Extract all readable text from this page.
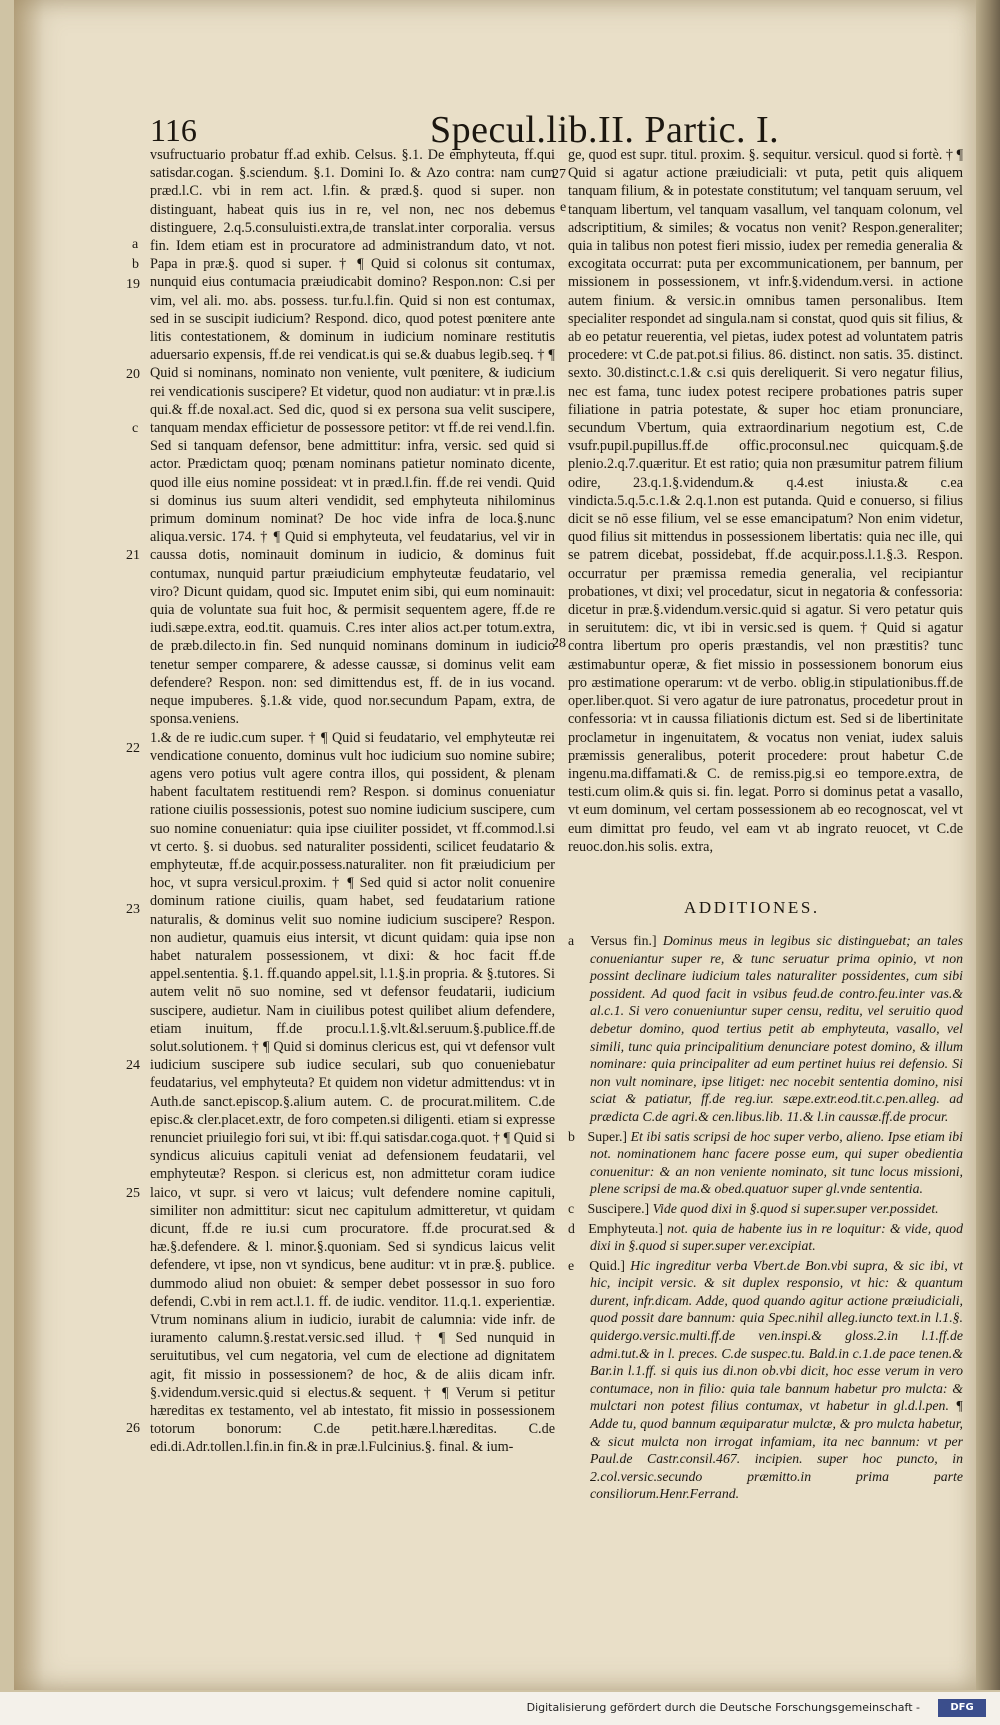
116	Specul.lib.II. Partic. I.
a
b
19
20
c
21
22
23
24
25
26
27
e
28

vsufructuario probatur ff.ad exhib. Celsus. §.1. De emphyteuta, ff.qui satisdar.cogan. §.sciendum. §.1. Domini Io. & Azo contra: nam cum præd.l.C. vbi in rem act. l.fin. & præd.§. quod si super. non distinguant, habeat quis ius in re, vel non, nec nos debemus distinguere, 2.q.5.consuluisti.extra,de translat.inter corporalia. versus fin. Idem etiam est in procuratore ad administrandum dato, vt not. Papa in præ.§. quod si super. † ¶ Quid si colonus sit contumax, nunquid eius contumacia præiudicabit domino? Respon.non: C.si per vim, vel ali. mo. abs. possess. tur.fu.l.fin. Quid si non est contumax, sed in se suscipit iudicium? Respond. dico, quod potest pœnitere ante litis contestationem, & dominum in iudicium nominare restitutis aduersario expensis, ff.de rei vendicat.is qui se.& duabus legib.seq. † ¶ Quid si nominans, nominato non veniente, vult pœnitere, & iudicium rei vendicationis suscipere? Et videtur, quod non audiatur: vt in præ.l.is qui.& ff.de noxal.act. Sed dic, quod si ex persona sua velit suscipere, tanquam mendax efficietur de possessore petitor: vt ff.de rei vend.l.fin. Sed si tanquam defensor, bene admittitur: infra, versic. sed quid si actor. Prædictam quoq; pœnam nominans patietur nominato dicente, quod ille eius nomine possideat: vt in præd.l.fin. ff.de rei vendi. Quid si dominus ius suum alteri vendidit, sed emphyteuta nihilominus primum dominum nominat? De hoc vide infra de loca.§.nunc aliqua.versic. 174. † ¶ Quid si emphyteuta, vel feudatarius, vel vir in caussa dotis, nominauit dominum in iudicio, & dominus fuit contumax, nunquid partur præiudicium emphyteutæ feudatario, vel viro? Dicunt quidam, quod sic. Imputet enim sibi, qui eum nominauit: quia de voluntate sua fuit hoc, & permisit sequentem agere, ff.de re iudi.sæpe.extra, eod.tit. quamuis. C.res inter alios act.per totum.extra, de præb.dilecto.in fin. Sed nunquid nominans dominum in iudicio tenetur semper comparere, & adesse caussæ, si dominus velit eam defendere? Respon. non: sed dimittendus est, ff. de in ius vocand. neque impuberes. §.1.& vide, quod nor.secundum Papam, extra, de sponsa.veniens.

1.& de re iudic.cum super. † ¶ Quid si feudatario, vel emphyteutæ rei vendicatione conuento, dominus vult hoc iudicium suo nomine subire; agens vero potius vult agere contra illos, qui possident, & plenam habent facultatem restituendi rem? Respon. si dominus conueniatur ratione ciuilis possessionis, potest suo nomine iudicium suscipere, cum suo nomine conueniatur: quia ipse ciuiliter possidet, vt ff.commod.l.si vt certo. §. si duobus. sed naturaliter possidenti, scilicet feudatario & emphyteutæ, ff.de acquir.possess.naturaliter. non fit præiudicium per hoc, vt supra versicul.proxim. † ¶ Sed quid si actor nolit conuenire dominum ratione ciuilis, quam habet, sed feudatarium ratione naturalis, & dominus velit suo nomine iudicium suscipere? Respon. non audietur, quamuis eius intersit, vt dicunt quidam: quia ipse non habet naturalem possessionem, vt dixi: & hoc facit ff.de appel.sententia. §.1. ff.quando appel.sit, l.1.§.in propria. & §.tutores. Si autem velit nō suo nomine, sed vt defensor feudatarii, iudicium suscipere, audietur. Nam in ciuilibus potest quilibet alium defendere, etiam inuitum, ff.de procu.l.1.§.vlt.&l.seruum.§.publice.ff.de solut.solutionem. † ¶ Quid si dominus clericus est, qui vt defensor vult iudicium suscipere sub iudice seculari, sub quo conueniebatur feudatarius, vel emphyteuta? Et quidem non videtur admittendus: vt in Auth.de sanct.episcop.§.alium autem. C. de procurat.militem. C.de episc.& cler.placet.extr, de foro competen.si diligenti. etiam si expresse renunciet priuilegio fori sui, vt ibi: ff.qui satisdar.coga.quot. † ¶ Quid si syndicus alicuius capituli veniat ad defensionem feudatarii, vel emphyteutæ? Respon. si clericus est, non admittetur coram iudice laico, vt supr. si vero vt laicus; vult defendere nomine capituli, similiter non admittitur: sicut nec capitulum admitteretur, vt quidam dicunt, ff.de re iu.si cum procuratore. ff.de procurat.sed & hæ.§.defendere. & l. minor.§.quoniam. Sed si syndicus laicus velit defendere, vt ipse, non vt syndicus, bene auditur: vt in præ.§. publice. dummodo aliud non obuiet: & semper debet possessor in suo foro defendi, C.vbi in rem act.l.1. ff. de iudic. venditor. 11.q.1. experientiæ. Vtrum nominans alium in iudicio, iurabit de calumnia: vide infr. de iuramento calumn.§.restat.versic.sed illud. † ¶ Sed nunquid in seruitutibus, vel cum negatoria, vel cum de electione ad dignitatem agit, fit missio in possessionem? de hoc, & de aliis dicam infr. §.videndum.versic.quid si electus.& sequent. † ¶ Verum si petitur hæreditas ex testamento, vel ab intestato, fit missio in possessionem totorum bonorum: C.de petit.hære.l.hæreditas. C.de edi.di.Adr.tollen.l.fin.in fin.& in præ.l.Fulcinius.§. final. & ium-

ge, quod est supr. titul. proxim. §. sequitur. versicul. quod si fortè. † ¶ Quid si agatur actione præiudiciali: vt puta, petit quis aliquem tanquam filium, & in potestate constitutum; vel tanquam seruum, vel tanquam libertum, vel tanquam vasallum, vel tanquam colonum, vel adscriptitium, & similes; & vocatus non venit? Respon.generaliter; quia in talibus non potest fieri missio, iudex per remedia generalia & excogitata occurrat: puta per excommunicationem, per bannum, per missionem in possessionem, vt infr.§.videndum.versi. in actione autem finium. & versic.in omnibus tamen personalibus. Item specialiter respondet ad singula.nam si constat, quod quis sit filius, & ab eo petatur reuerentia, vel pietas, iudex potest ad voluntatem patris procedere: vt C.de pat.pot.si filius. 86. distinct. non satis. 35. distinct. sexto. 30.distinct.c.1.& c.si quis dereliquerit. Si vero negatur filius, nec est fama, tunc iudex potest recipere probationes patris super filiatione in patria potestate, & super hoc etiam pronunciare, secundum Vbertum, quia extraordinarium negotium est, C.de vsufr.pupil.pupillus.ff.de offic.proconsul.nec quicquam.§.de plenio.2.q.7.quæritur. Et est ratio; quia non præsumitur patrem filium odire, 23.q.1.§.videndum.& q.4.est iniusta.& c.ea vindicta.5.q.5.c.1.& 2.q.1.non est putanda. Quid e conuerso, si filius dicit se nō esse filium, vel se esse emancipatum? Non enim videtur, quod filius sit mittendus in possessionem libertatis: quia nec ille, qui se patrem dicebat, possidebat, ff.de acquir.poss.l.1.§.3. Respon. occurratur per præmissa remedia generalia, vel recipiantur probationes, vt dixi; vel procedatur, sicut in negatoria & confessoria: dicetur in præ.§.videndum.versic.quid si agatur. Si vero petatur quis in seruitutem: dic, vt ibi in versic.sed is quem. † Quid si agatur contra libertum pro operis præstandis, vel non præstitis? tunc æstimabuntur operæ, & fiet missio in possessionem bonorum eius pro æstimatione operarum: vt de verbo. oblig.in stipulationibus.ff.de oper.liber.quot. Si vero agatur de iure patronatus, procedetur prout in confessoria: vt in caussa filiationis dictum est. Sed si de libertinitate proclametur in ingenuitatem, & vocatus non veniat, iudex saluis præmissis generalibus, poterit procedere: prout habetur C.de ingenu.ma.diffamati.& C. de remiss.pig.si eo tempore.extra, de testi.cum olim.& quis si. fin. legat. Porro si dominus petat a vasallo, vt eum dominum, vel certam possessionem ab eo recognoscat, vel vt eum dimittat pro feudo, vel eam vt ab ingrato reuocet, vt C.de reuoc.don.his solis. extra,

ADDITIONES.
a Versus fin.] Dominus meus in legibus sic distinguebat; an tales conueniantur super re, & tunc seruatur prima opinio, vt non possint declinare iudicium tales naturaliter possidentes, cum sibi possident. Ad quod facit in vsibus feud.de contro.feu.inter vas.& al.c.1. Si vero conueniuntur super censu, reditu, vel seruitio quod debetur domino, quod tertius petit ab emphyteuta, vasallo, vel simili, tunc quia principalitium denunciare potest domino, & illum nominare: quia principaliter ad eum pertinet huius rei defensio. Si non vult nominare, ipse litiget: nec nocebit sententia domino, nisi sciat & patiatur, ff.de reg.iur. sæpe.extr.eod.tit.c.pen.alleg. ad prædicta C.de agri.& cen.libus.lib. 11.& l.in caussæ.ff.de procur.
b Super.] Et ibi satis scripsi de hoc super verbo, alieno. Ipse etiam ibi not. nominationem hanc facere posse eum, qui super obedientia conuenitur: & an non veniente nominato, sit tunc locus missioni, plene scripsi de ma.& obed.quatuor super gl.vnde sententia.
c Suscipere.] Vide quod dixi in §.quod si super.super ver.possidet.
d Emphyteuta.] not. quia de habente ius in re loquitur: & vide, quod dixi in §.quod si super.super ver.excipiat.
e Quid.] Hic ingreditur verba Vbert.de Bon.vbi supra, & sic ibi, vt hic, incipit versic. & sit duplex responsio, vt hic: & quantum durent, infr.dicam. Adde, quod quando agitur actione præiudiciali, quod possit dare bannum: quia Spec.nihil alleg.iuncto text.in l.1.§. quidergo.versic.multi.ff.de ven.inspi.& gloss.2.in l.1.ff.de admi.tut.& in l. preces. C.de suspec.tu. Bald.in c.1.de pace tenen.& Bar.in l.1.ff. si quis ius di.non ob.vbi dicit, hoc esse verum in vero contumace, non in filio: quia tale bannum habetur pro mulcta: & mulctari non potest filius contumax, vt habetur in gl.d.l.pen. ¶ Adde tu, quod bannum æquiparatur mulctæ, & pro mulcta habetur, & sicut mulcta non irrogat infamiam, ita nec bannum: vt per Paul.de Castr.consil.467. incipien. super hoc puncto, in 2.col.versic.secundo præmitto.in prima parte consiliorum.Henr.Ferrand.
Digitalisierung gefördert durch die Deutsche Forschungsgemeinschaft -	DFG
